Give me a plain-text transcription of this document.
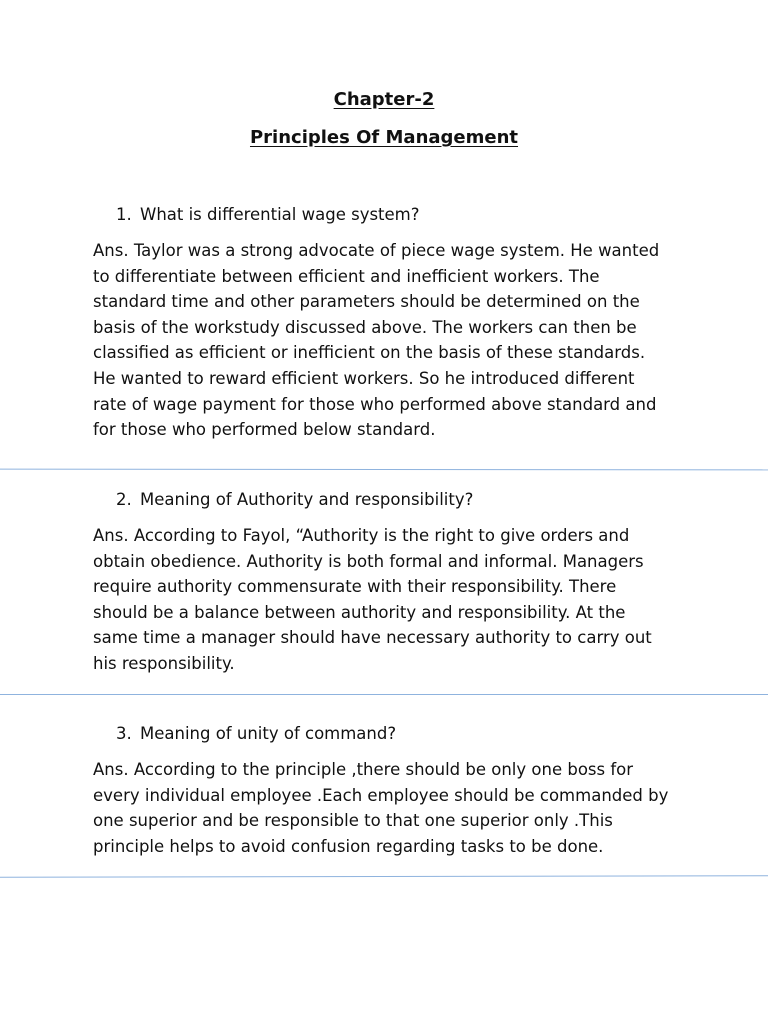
Chapter-2
Principles Of Management
1. What is differential wage system?
Ans. Taylor was a strong advocate of piece wage system. He wanted
to differentiate between efficient and inefficient workers. The
standard time and other parameters should be determined on the
basis of the workstudy discussed above. The workers can then be
classified as efficient or inefficient on the basis of these standards.
He wanted to reward efficient workers. So he introduced different
rate of wage payment for those who performed above standard and
for those who performed below standard.
2. Meaning of Authority and responsibility?
Ans. According to Fayol, “Authority is the right to give orders and
obtain obedience. Authority is both formal and informal. Managers
require authority commensurate with their responsibility. There
should be a balance between authority and responsibility. At the
same time a manager should have necessary authority to carry out
his responsibility.
3. Meaning of unity of command?
Ans. According to the principle ,there should be only one boss for
every individual employee .Each employee should be commanded by
one superior and be responsible to that one superior only .This
principle helps to avoid confusion regarding tasks to be done.
